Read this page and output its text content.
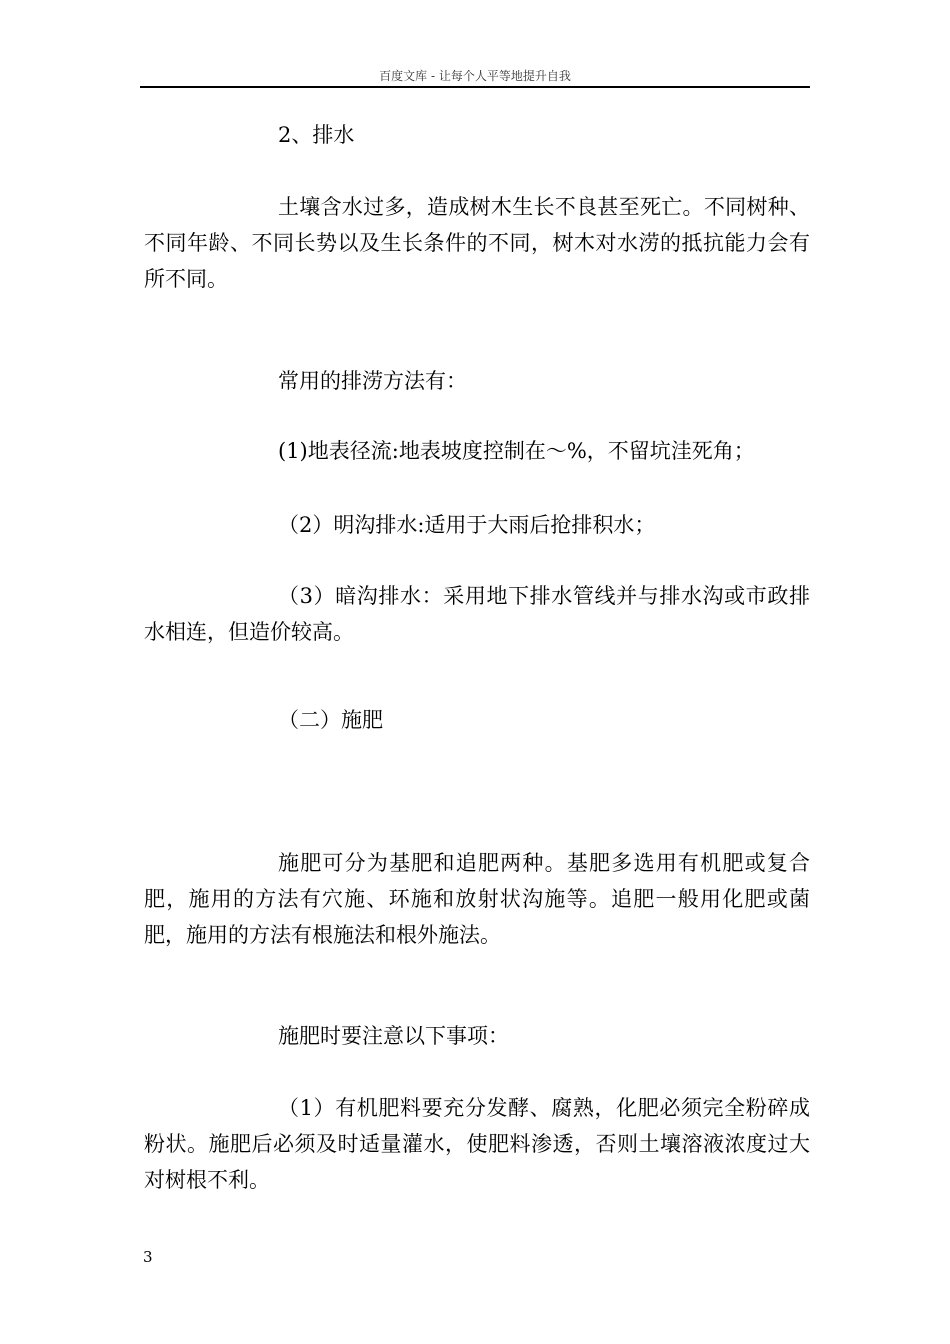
百度文库 - 让每个人平等地提升自我

2、排水

土壤含水过多，造成树木生长不良甚至死亡。不同树种、不同年龄、不同长势以及生长条件的不同，树木对水涝的抵抗能力会有所不同。

常用的排涝方法有：

(1)地表径流:地表坡度控制在～%，不留坑洼死角；

（2）明沟排水:适用于大雨后抢排积水；

（3）暗沟排水：采用地下排水管线并与排水沟或市政排水相连，但造价较高。

（二）施肥

施肥可分为基肥和追肥两种。基肥多选用有机肥或复合肥，施用的方法有穴施、环施和放射状沟施等。追肥一般用化肥或菌肥，施用的方法有根施法和根外施法。

施肥时要注意以下事项：

（1）有机肥料要充分发酵、腐熟，化肥必须完全粉碎成粉状。施肥后必须及时适量灌水，使肥料渗透，否则土壤溶液浓度过大对树根不利。

3
